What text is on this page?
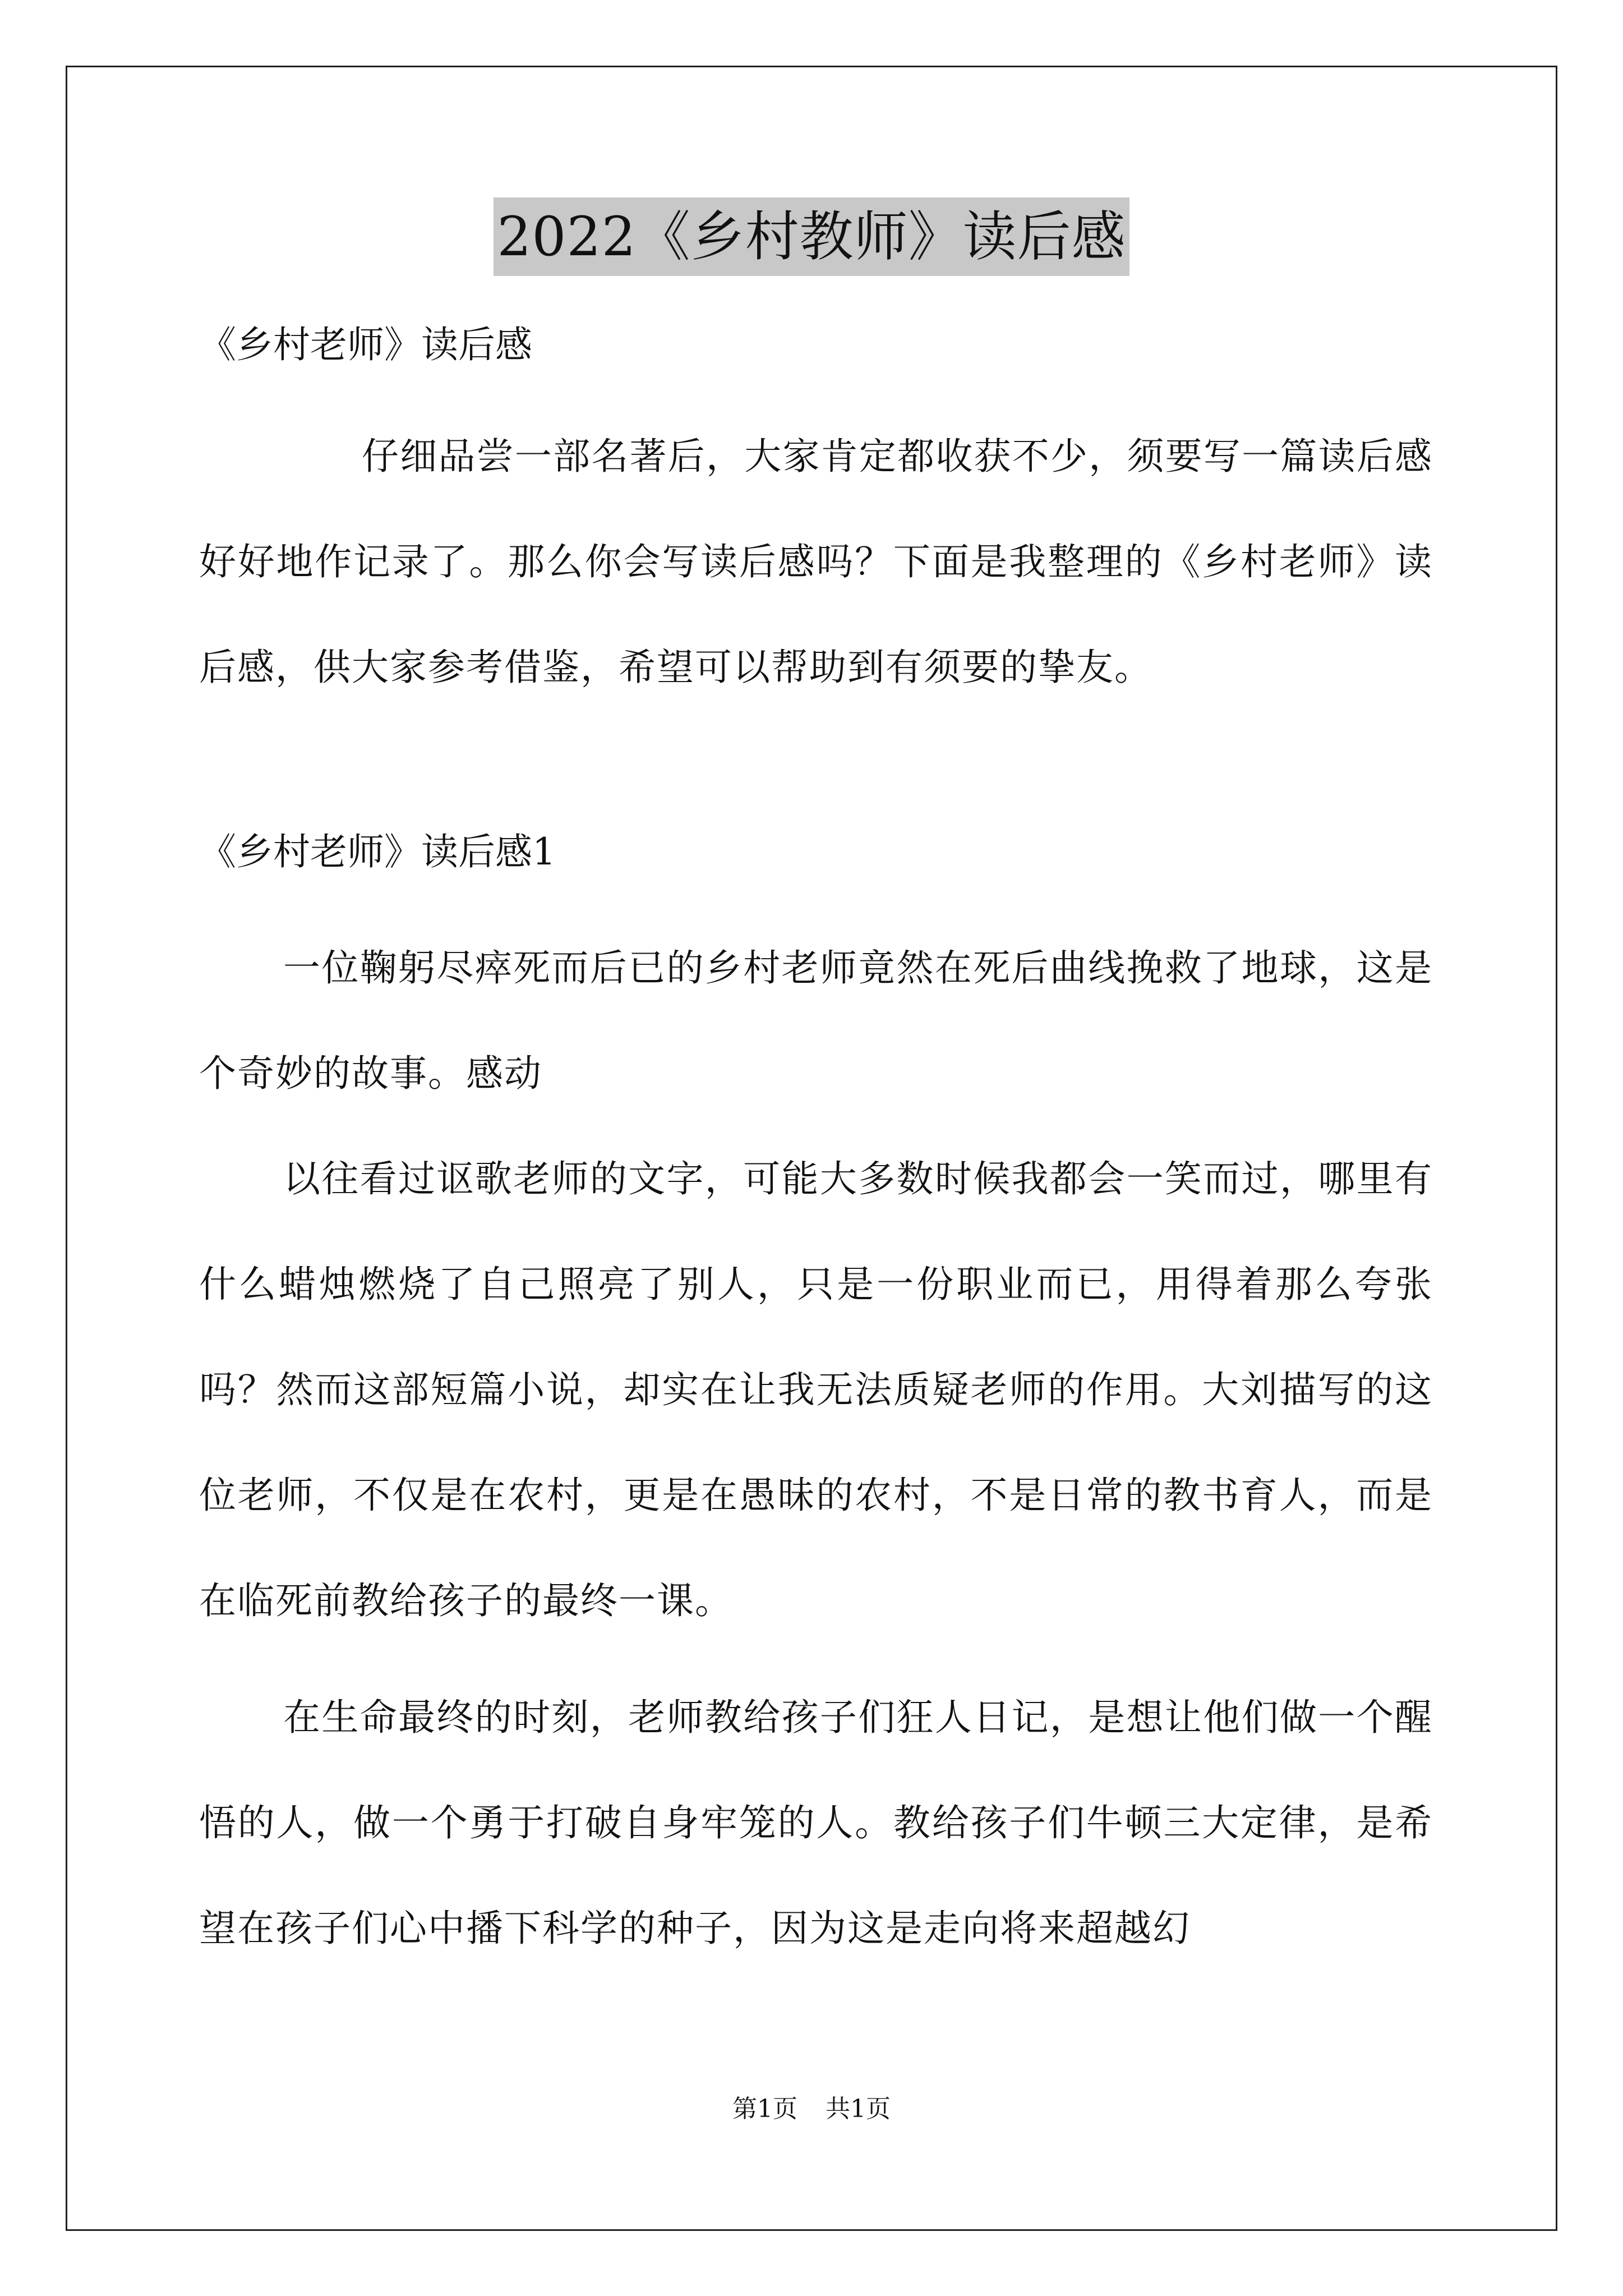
2022《乡村教师》读后感

《乡村老师》读后感

仔细品尝一部名著后，大家肯定都收获不少，须要写一篇读后感好好地作记录了。那么你会写读后感吗？下面是我整理的《乡村老师》读后感，供大家参考借鉴，希望可以帮助到有须要的挚友。

《乡村老师》读后感1

一位鞠躬尽瘁死而后已的乡村老师竟然在死后曲线挽救了地球，这是个奇妙的故事。感动

以往看过讴歌老师的文字，可能大多数时候我都会一笑而过，哪里有什么蜡烛燃烧了自己照亮了别人，只是一份职业而已，用得着那么夸张吗？然而这部短篇小说，却实在让我无法质疑老师的作用。大刘描写的这位老师，不仅是在农村，更是在愚昧的农村，不是日常的教书育人，而是在临死前教给孩子的最终一课。

在生命最终的时刻，老师教给孩子们狂人日记，是想让他们做一个醒悟的人，做一个勇于打破自身牢笼的人。教给孩子们牛顿三大定律，是希望在孩子们心中播下科学的种子，因为这是走向将来超越幻

第1页 共1页
